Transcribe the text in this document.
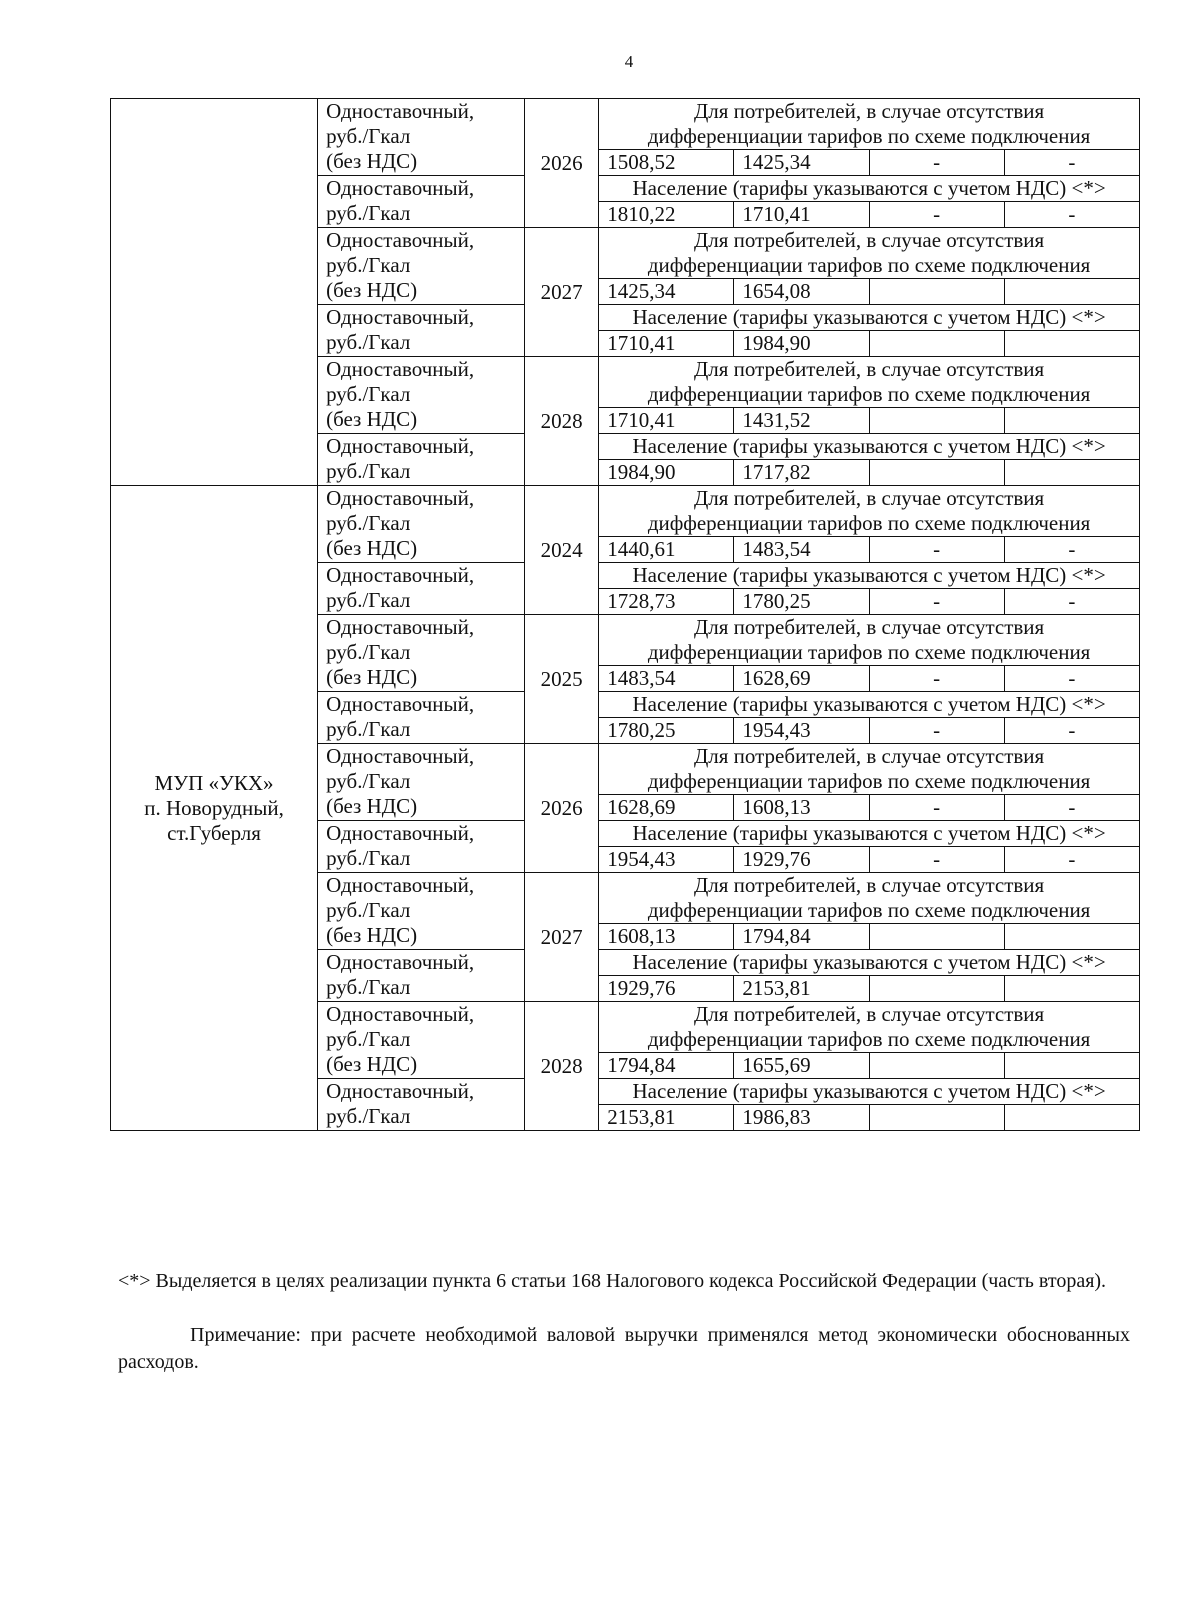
4
	Одноставочный,
руб./Гкал
(без НДС)	2026	Для потребителей, в случае отсутствия
дифференциации тарифов по схеме подключения			
			1508,52	1425,34	-	-
	Одноставочный,
руб./Гкал		Население (тарифы указываются с учетом НДС) <*>			
			1810,22	1710,41	-	-
	Одноставочный,
руб./Гкал
(без НДС)	2027	Для потребителей, в случае отсутствия
дифференциации тарифов по схеме подключения			
			1425,34	1654,08		
	Одноставочный,
руб./Гкал		Население (тарифы указываются с учетом НДС) <*>			
			1710,41	1984,90		
	Одноставочный,
руб./Гкал
(без НДС)	2028	Для потребителей, в случае отсутствия
дифференциации тарифов по схеме подключения			
			1710,41	1431,52		
	Одноставочный,
руб./Гкал		Население (тарифы указываются с учетом НДС) <*>			
			1984,90	1717,82		
МУП «УКХ»
п. Новорудный,
ст.Губерля	Одноставочный,
руб./Гкал
(без НДС)	2024	Для потребителей, в случае отсутствия
дифференциации тарифов по схеме подключения			
			1440,61	1483,54	-	-
	Одноставочный,
руб./Гкал		Население (тарифы указываются с учетом НДС) <*>			
			1728,73	1780,25	-	-
	Одноставочный,
руб./Гкал
(без НДС)	2025	Для потребителей, в случае отсутствия
дифференциации тарифов по схеме подключения			
			1483,54	1628,69	-	-
	Одноставочный,
руб./Гкал		Население (тарифы указываются с учетом НДС) <*>			
			1780,25	1954,43	-	-
	Одноставочный,
руб./Гкал
(без НДС)	2026	Для потребителей, в случае отсутствия
дифференциации тарифов по схеме подключения			
			1628,69	1608,13	-	-
	Одноставочный,
руб./Гкал		Население (тарифы указываются с учетом НДС) <*>			
			1954,43	1929,76	-	-
	Одноставочный,
руб./Гкал
(без НДС)	2027	Для потребителей, в случае отсутствия
дифференциации тарифов по схеме подключения			
			1608,13	1794,84		
	Одноставочный,
руб./Гкал		Население (тарифы указываются с учетом НДС) <*>			
			1929,76	2153,81		
	Одноставочный,
руб./Гкал
(без НДС)	2028	Для потребителей, в случае отсутствия
дифференциации тарифов по схеме подключения			
			1794,84	1655,69		
	Одноставочный,
руб./Гкал		Население (тарифы указываются с учетом НДС) <*>			
			2153,81	1986,83		
<*> Выделяется в целях реализации пункта 6 статьи 168 Налогового кодекса Российской Федерации (часть вторая).
Примечание: при расчете необходимой валовой выручки применялся метод экономически обоснованных расходов.
